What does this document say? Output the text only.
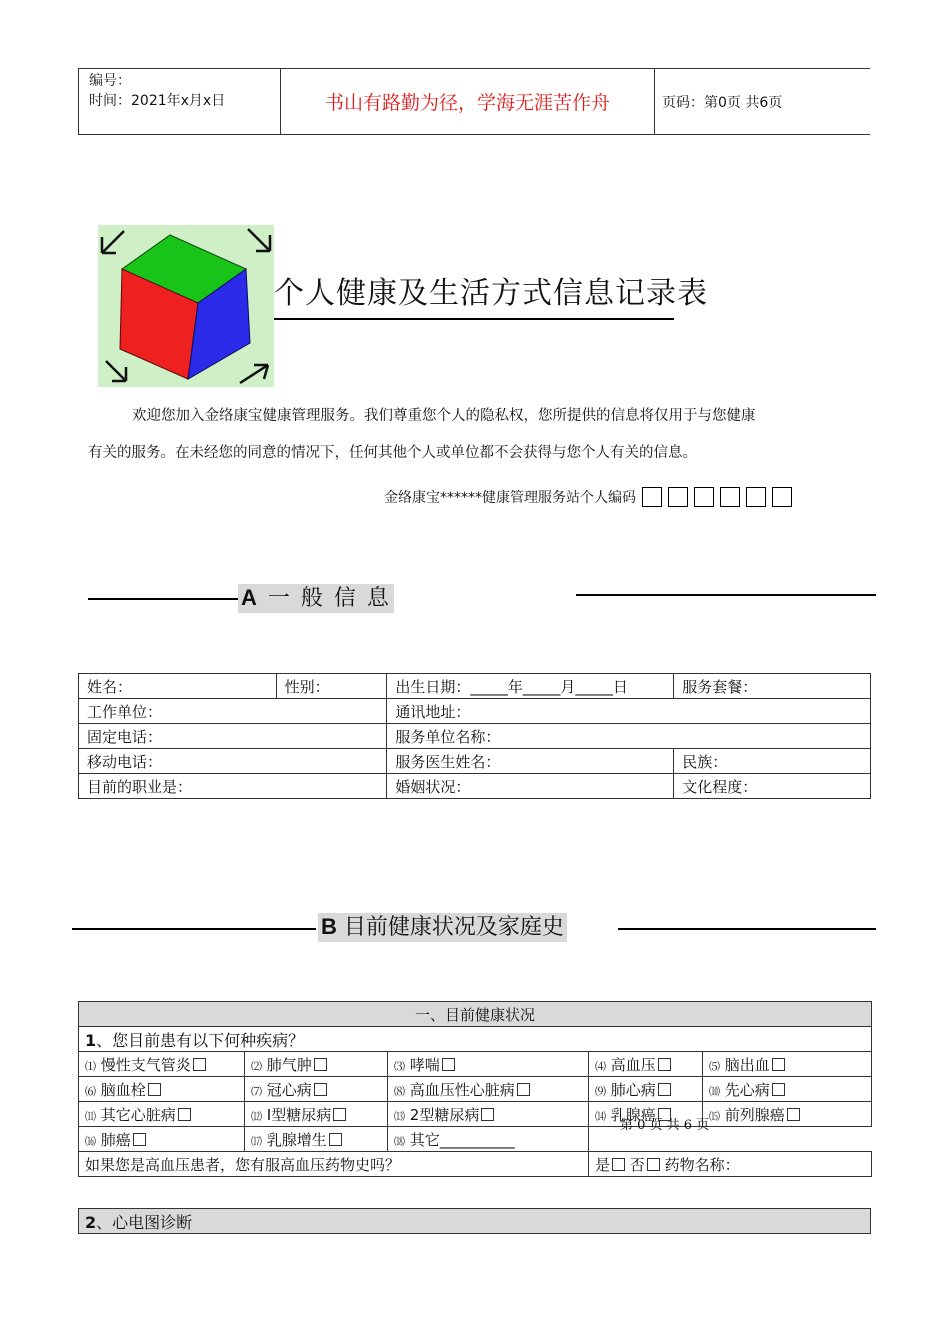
编号：
时间：2021年x月x日	书山有路勤为径，学海无涯苦作舟	页码：第0页 共6页
个人健康及生活方式信息记录表

欢迎您加入金络康宝健康管理服务。我们尊重您个人的隐私权，您所提供的信息将仅用于与您健康

有关的服务。在未经您的同意的情况下，任何其他个人或单位都不会获得与您个人有关的信息。

金络康宝******健康管理服务站个人编码
A 一 般 信 息
姓名：	性别：	出生日期：_____年_____月_____日	服务套餐：
工作单位：		通讯地址：	
固定电话：		服务单位名称：	
移动电话：		服务医生姓名：	民族：
目前的职业是：		婚姻状况：	文化程度：
B 目前健康状况及家庭史
一、目前健康状况				
1、您目前患有以下何种疾病？				
⑴ 慢性支气管炎	⑵ 肺气肿	⑶ 哮喘	⑷ 高血压	⑸ 脑出血
⑹ 脑血栓	⑺ 冠心病	⑻ 高血压性心脏病	⑼ 肺心病	⑽ 先心病
⑾ 其它心脏病	⑿ I型糖尿病	⒀ 2型糖尿病	⒁ 乳腺癌	⒂ 前列腺癌
⒃ 肺癌	⒄ 乳腺增生	⒅ 其它__________		
如果您是高血压患者，您有服高血压药物史吗？			是 否 药物名称：	
2、心电图诊断
第 0 页 共 6 页
